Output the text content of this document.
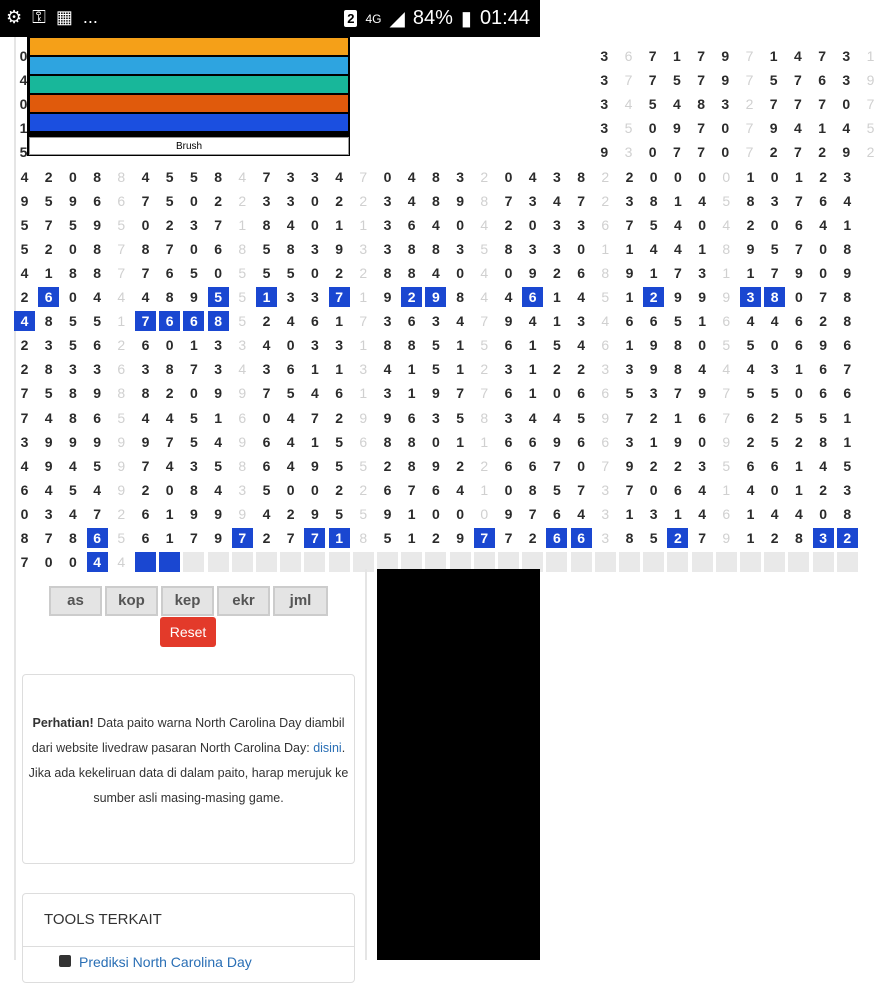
⚙ ⚿ ▦ ...	2 4G ◢ 84% ▮ 01:44
0	3	6	7	1	7	9	7	1	4	7	3	1
4	3	7	7	5	7	9	7	5	7	6	3	9
0	3	4	5	4	8	3	2	7	7	7	0	7
1	3	5	0	9	7	0	7	9	4	1	4	5
5	9	3	0	7	7	0	7	2	7	2	9	2
4	2	0	8	8	4	5	5	8	4	7	3	3	4	7	0	4	8	3	2	0	4	3	8	2	2	0	0	0	0	1	0	1	2	3
9	5	9	6	6	7	5	0	2	2	3	3	0	2	2	3	4	8	9	8	7	3	4	7	2	3	8	1	4	5	8	3	7	6	4
5	7	5	9	5	0	2	3	7	1	8	4	0	1	1	3	6	4	0	4	2	0	3	3	6	7	5	4	0	4	2	0	6	4	1
5	2	0	8	7	8	7	0	6	8	5	8	3	9	3	3	8	8	3	5	8	3	3	0	1	1	4	4	1	8	9	5	7	0	8
4	1	8	8	7	7	6	5	0	5	5	5	0	2	2	8	8	4	0	4	0	9	2	6	8	9	1	7	3	1	1	7	9	0	9
2	6	0	4	4	4	8	9	5	5	1	3	3	7	1	9	2	9	8	4	4	6	1	4	5	1	2	9	9	9	3	8	0	7	8
4	8	5	5	1	7	6	6	8	5	2	4	6	1	7	3	6	3	4	7	9	4	1	3	4	6	6	5	1	6	4	4	6	2	8
2	3	5	6	2	6	0	1	3	3	4	0	3	3	1	8	8	5	1	5	6	1	5	4	6	1	9	8	0	5	5	0	6	9	6
2	8	3	3	6	3	8	7	3	4	3	6	1	1	3	4	1	5	1	2	3	1	2	2	3	3	9	8	4	4	4	3	1	6	7
7	5	8	9	8	8	2	0	9	9	7	5	4	6	1	3	1	9	7	7	6	1	0	6	6	5	3	7	9	7	5	5	0	6	6
7	4	8	6	5	4	4	5	1	6	0	4	7	2	9	9	6	3	5	8	3	4	4	5	9	7	2	1	6	7	6	2	5	5	1
3	9	9	9	9	9	7	5	4	9	6	4	1	5	6	8	8	0	1	1	6	6	9	6	6	3	1	9	0	9	2	5	2	8	1
4	9	4	5	9	7	4	3	5	8	6	4	9	5	5	2	8	9	2	2	6	6	7	0	7	9	2	2	3	5	6	6	1	4	5
6	4	5	4	9	2	0	8	4	3	5	0	0	2	2	6	7	6	4	1	0	8	5	7	3	7	0	6	4	1	4	0	1	2	3
0	3	4	7	2	6	1	9	9	9	4	2	9	5	5	9	1	0	0	0	9	7	6	4	3	1	3	1	4	6	1	4	4	0	8
8	7	8	6	5	6	1	7	9	7	2	7	7	1	8	5	1	2	9	7	7	2	6	6	3	8	5	2	7	9	1	2	8	3	2
7	0	0	4	4
Brush
as	kop	kep	ekr	jml
Reset

Perhatian! Data paito warna North Carolina Day diambil dari website livedraw pasaran North Carolina Day: disini. Jika ada kekeliruan data di dalam paito, harap merujuk ke sumber asli masing-masing game.

TOOLS TERKAIT
Prediksi North Carolina Day
